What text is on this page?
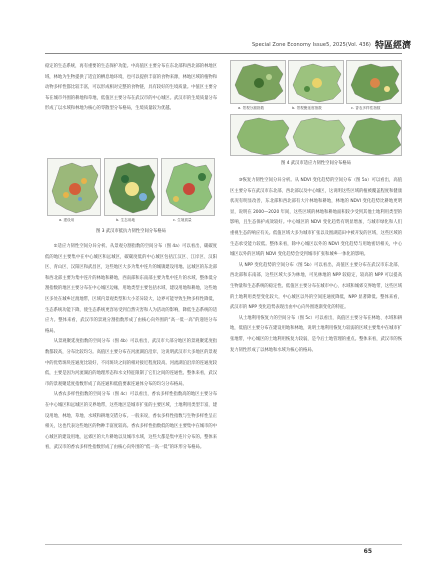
Special Zone Economy Issue5, 2025(Vol. 436) 特區經濟

稳定的生态系统，再有重要的生态保护功能。中高值区主要分布在东北部和西北部的林地区域，林地为生物提供了适宜的栖息地环境，也可以提供丰富的食物来源，林地区域的植物和动物多样性都比较丰富，可以形成相对完整的食物链，具有较好的生境质量。中值区主要分布在城市外围的耕地和草地，低值区主要分布在武汉市的中心城区。武汉市的生境质量分布形成了以水域和林地为核心的零散型分布格局，生境质量较为优越。

a. 建设用	b. 生态用地	c. 生境质量
图 3 武汉市抵抗力韧性空间分布格局

②适应力韧性空间分异分析。从景观分割指数的空间分布（图 4a）可以看出，碳碳度低的地区主要集中在中心城区和远城区，碳碳度低的中心城区包括江汉区、江岸区、汉阳区、青山区、汉阳区和武昌区，这些地区大多为集中连片的城镇建设用地。远城区的东北部和西北部主要为集中连片的林地和耕地，西南部和东南部主要为集中连片的水域，整体低分割指数的地区主要分布在中心城区边缘，用地类型主要包括水域、建设用地和耕地，这些地区多处在城乡过渡地带，区域内景观类型和大小差异较大，边界可能导致生物多样性降低，生态系统功能下降，使生态系统更容易受到自然灾害和人为活动的影响，降低生态系统的适应力。整体来看，武汉市的景观分割指数形成了由核心向外围的“高一低一高”的递进分布格局。

从景观聚延度指数的空间分布（图 4b）可以看出，武汉市大部分地区的景观聚延度指数都较高，分布比较均匀。高值区主要分布在河流湖泊沿岸，这说明武汉市大多地区的景观中的优势斑块连通度比较好，不同斑块之间的相对接近程度较高。河流湖泊沿岸的连通度较低，主要是因为河流湖泊的地理形态和水文特征限制了它们之间的连通性。整体来看，武汉市的景观聚延度指数形成了高连通和低值要素连通体分布的均匀分布格局。

从香农多样性指数的空间分布（图 4c）可以看出，香农多样性指数高的地区主要分布在中心城区和远城区的交界地带，这些地区是城市扩张的主要区域，土地利用类型丰富，建设用地、林地、草地、水域和耕地交错分布。一般来说，香农多样性指数与生物多样性呈正相关，这也代表这些地区的物种丰富度较高。香农多样性指数低的地区主要集中在城市的中心城区的建设用地，远郊区的大片耕地以及城市水域，这些大都是集中连片分布的。整体来看，武汉市的香农多样性指数形成了由核心向外围的“低一高一低”的环形分布格局。

a. 景观分割指数	b. 景观聚延度指数	c. 香农多样性指数
图 4 武汉市适应力韧性空间分布格局

③恢复力韧性空间分异分析。从 NDVI 变化趋势的空间分布（图 5a）可以看出，高值区主要分布在武汉市东北部、西北部以及中心城区，这说明这些区域的植被覆盖程度和健康状况有明显改善，东北部和西北部有大片林地和耕地，林地的 NDVI 变化趋势比耕地更明显，说明在 2000—2020 年间，这些区域的林地和耕地面积较少受到其他土地利用类型的影响，且生态保护成效较好。中心城区的 NDVI 变化趋势有明显增加，与城市绿化和人们重视生态的响应有关。低值区域大多为城市扩张以及围湖造田中被开发的区域，这些区域的生态承受能力较低。整体来看，除中心城区以外的 NDVI 变化趋势与用地密切相关，中心城区以外的区域的 NDVI 变化趋势会受到城市扩张和城乡一体化的影响。

从 NPP 变化趋势的空间分布（图 5b）可以看出，高值区主要分布在武汉市东北部、西北部和东南部，这些区域大多为林地，可见林地的 NPP 较稳定，较高的 NPP 可以提高生物量和生态系统的稳定性。低值区主要分布在城市中心、水域和城郊交界地带，这些区域的土地利用类型变化较大，中心城区以外的空间连通度降低，NPP 显著降低。整体来看，武汉市的 NPP 变化趋势表现出由中心向外围逐渐变化的特征。

从土地利用恢复力的空间分布（图 5c）可以看出，高值区主要分布在林地、水域和耕地，低值区主要分布在建设用地和林地，说明土地利用恢复力较弱的区域主要集中在城市扩张地带，中心城区的土地利用恢复力较弱，是今后土地管理的重点。整体来看，武汉市的恢复力韧性形成了以林地和水域为核心的格局。

65
